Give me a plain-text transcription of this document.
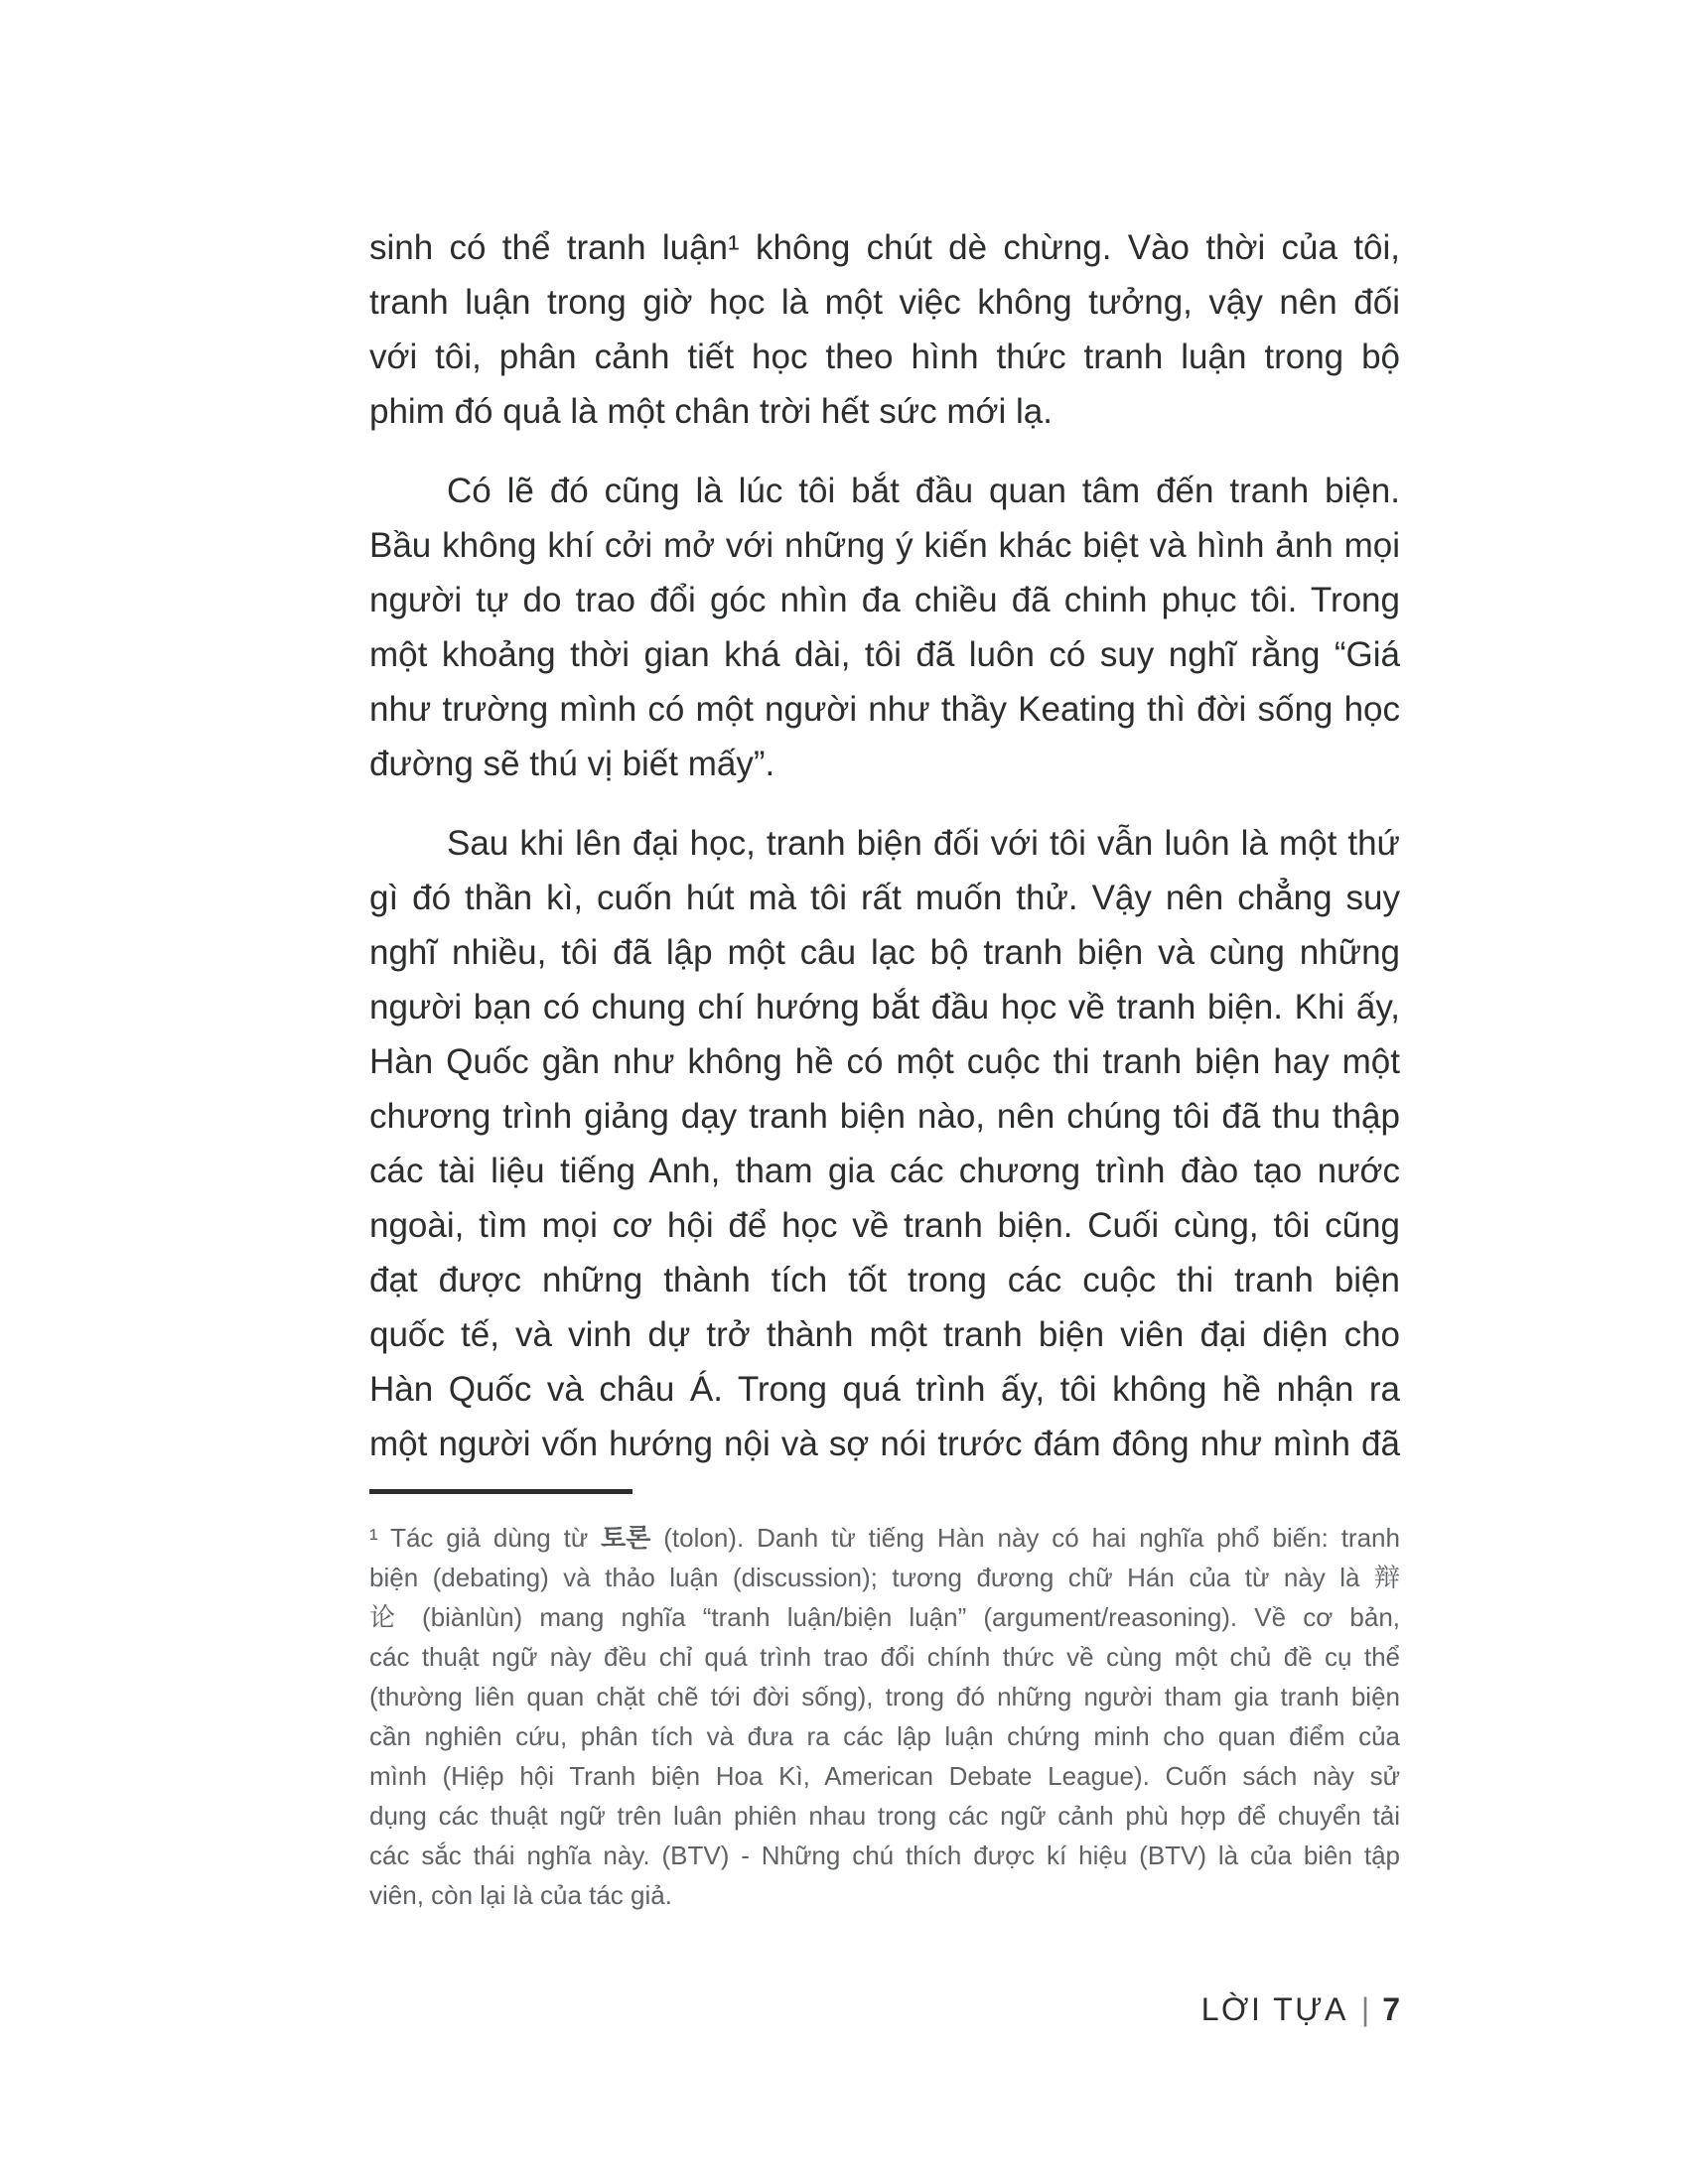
sinh có thể tranh luận¹ không chút dè chừng. Vào thời của tôi,
tranh luận trong giờ học là một việc không tưởng, vậy nên đối
với tôi, phân cảnh tiết học theo hình thức tranh luận trong bộ
phim đó quả là một chân trời hết sức mới lạ.
Có lẽ đó cũng là lúc tôi bắt đầu quan tâm đến tranh biện.
Bầu không khí cởi mở với những ý kiến khác biệt và hình ảnh mọi
người tự do trao đổi góc nhìn đa chiều đã chinh phục tôi. Trong
một khoảng thời gian khá dài, tôi đã luôn có suy nghĩ rằng “Giá
như trường mình có một người như thầy Keating thì đời sống học
đường sẽ thú vị biết mấy”.
Sau khi lên đại học, tranh biện đối với tôi vẫn luôn là một thứ
gì đó thần kì, cuốn hút mà tôi rất muốn thử. Vậy nên chẳng suy
nghĩ nhiều, tôi đã lập một câu lạc bộ tranh biện và cùng những
người bạn có chung chí hướng bắt đầu học về tranh biện. Khi ấy,
Hàn Quốc gần như không hề có một cuộc thi tranh biện hay một
chương trình giảng dạy tranh biện nào, nên chúng tôi đã thu thập
các tài liệu tiếng Anh, tham gia các chương trình đào tạo nước
ngoài, tìm mọi cơ hội để học về tranh biện. Cuối cùng, tôi cũng
đạt được những thành tích tốt trong các cuộc thi tranh biện
quốc tế, và vinh dự trở thành một tranh biện viên đại diện cho
Hàn Quốc và châu Á. Trong quá trình ấy, tôi không hề nhận ra
một người vốn hướng nội và sợ nói trước đám đông như mình đã
¹ Tác giả dùng từ 토론 (tolon). Danh từ tiếng Hàn này có hai nghĩa phổ biến: tranh
biện (debating) và thảo luận (discussion); tương đương chữ Hán của từ này là 辩
论 (biànlùn) mang nghĩa “tranh luận/biện luận” (argument/reasoning). Về cơ bản,
các thuật ngữ này đều chỉ quá trình trao đổi chính thức về cùng một chủ đề cụ thể
(thường liên quan chặt chẽ tới đời sống), trong đó những người tham gia tranh biện
cần nghiên cứu, phân tích và đưa ra các lập luận chứng minh cho quan điểm của
mình (Hiệp hội Tranh biện Hoa Kì, American Debate League). Cuốn sách này sử
dụng các thuật ngữ trên luân phiên nhau trong các ngữ cảnh phù hợp để chuyển tải
các sắc thái nghĩa này. (BTV) - Những chú thích được kí hiệu (BTV) là của biên tập
viên, còn lại là của tác giả.
LỜI TỰA | 7
